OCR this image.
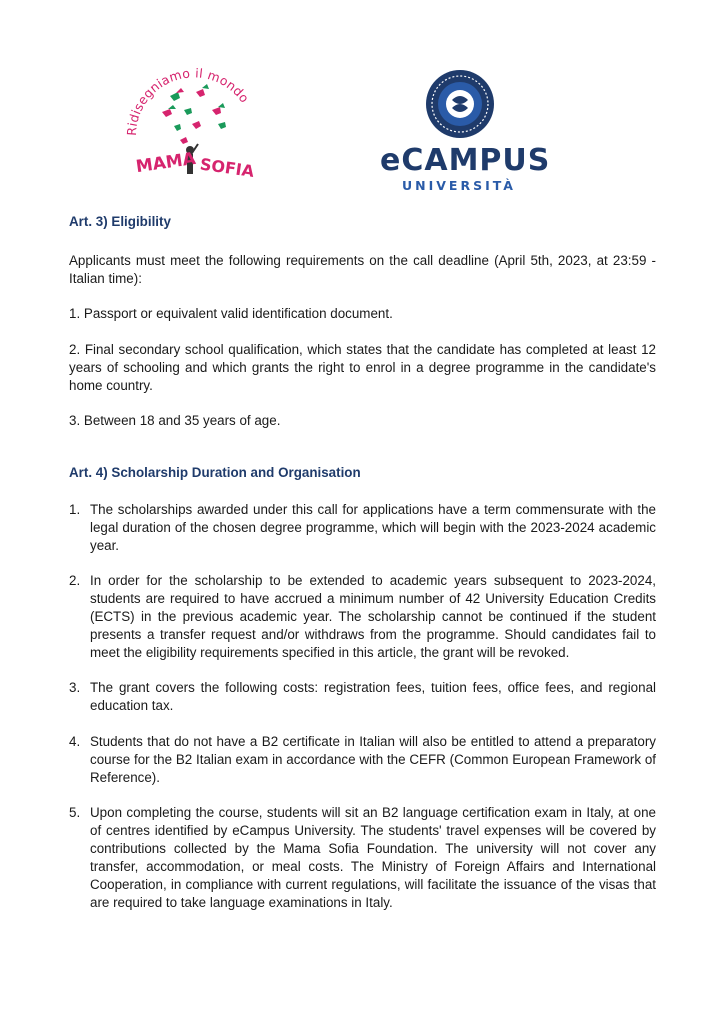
Ridisegniamo il mondo
MAMA SOFIA	eCAMPUS
UNIVERSITÀ
Art. 3) Eligibility
Applicants must meet the following requirements on the call deadline (April 5th, 2023, at 23:59 - Italian time):
1. Passport or equivalent valid identification document.
2. Final secondary school qualification, which states that the candidate has completed at least 12 years of schooling and which grants the right to enrol in a degree programme in the candidate's home country.
3. Between 18 and 35 years of age.
Art. 4) Scholarship Duration and Organisation
1. The scholarships awarded under this call for applications have a term commensurate with the legal duration of the chosen degree programme, which will begin with the 2023-2024 academic year.
2. In order for the scholarship to be extended to academic years subsequent to 2023-2024, students are required to have accrued a minimum number of 42 University Education Credits (ECTS) in the previous academic year. The scholarship cannot be continued if the student presents a transfer request and/or withdraws from the programme. Should candidates fail to meet the eligibility requirements specified in this article, the grant will be revoked.
3. The grant covers the following costs: registration fees, tuition fees, office fees, and regional education tax.
4. Students that do not have a B2 certificate in Italian will also be entitled to attend a preparatory course for the B2 Italian exam in accordance with the CEFR (Common European Framework of Reference).
5. Upon completing the course, students will sit an B2 language certification exam in Italy, at one of centres identified by eCampus University. The students' travel expenses will be covered by contributions collected by the Mama Sofia Foundation. The university will not cover any transfer, accommodation, or meal costs. The Ministry of Foreign Affairs and International Cooperation, in compliance with current regulations, will facilitate the issuance of the visas that are required to take language examinations in Italy.
